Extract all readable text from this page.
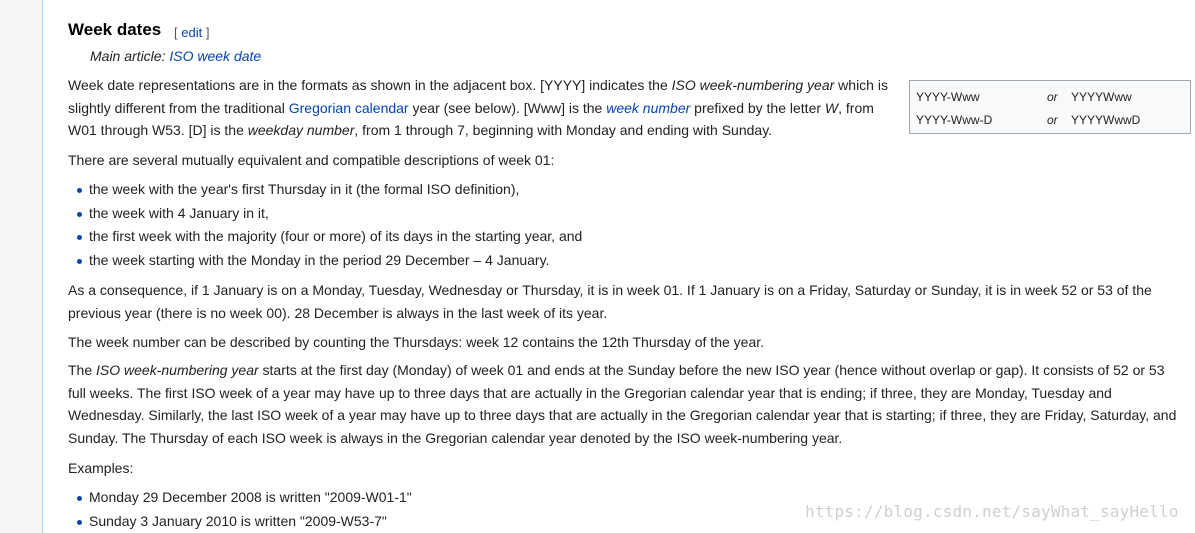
Week dates [ edit ]
Main article: ISO week date

Week date representations are in the formats as shown in the adjacent box. [YYYY] indicates the ISO week-numbering year which is slightly different from the traditional Gregorian calendar year (see below). [Www] is the week number prefixed by the letter W, from W01 through W53. [D] is the weekday number, from 1 through 7, beginning with Monday and ending with Sunday.

YYYY-Www	or YYYYWww
YYYY-Www-D	or YYYYWwwD

There are several mutually equivalent and compatible descriptions of week 01:

the week with the year's first Thursday in it (the formal ISO definition),
the week with 4 January in it,
the first week with the majority (four or more) of its days in the starting year, and
the week starting with the Monday in the period 29 December – 4 January.

As a consequence, if 1 January is on a Monday, Tuesday, Wednesday or Thursday, it is in week 01. If 1 January is on a Friday, Saturday or Sunday, it is in week 52 or 53 of the previous year (there is no week 00). 28 December is always in the last week of its year.

The week number can be described by counting the Thursdays: week 12 contains the 12th Thursday of the year.

The ISO week-numbering year starts at the first day (Monday) of week 01 and ends at the Sunday before the new ISO year (hence without overlap or gap). It consists of 52 or 53 full weeks. The first ISO week of a year may have up to three days that are actually in the Gregorian calendar year that is ending; if three, they are Monday, Tuesday and Wednesday. Similarly, the last ISO week of a year may have up to three days that are actually in the Gregorian calendar year that is starting; if three, they are Friday, Saturday, and Sunday. The Thursday of each ISO week is always in the Gregorian calendar year denoted by the ISO week-numbering year.

Examples:

Monday 29 December 2008 is written "2009-W01-1"
Sunday 3 January 2010 is written "2009-W53-7"	https://blog.csdn.net/sayWhat_sayHello
